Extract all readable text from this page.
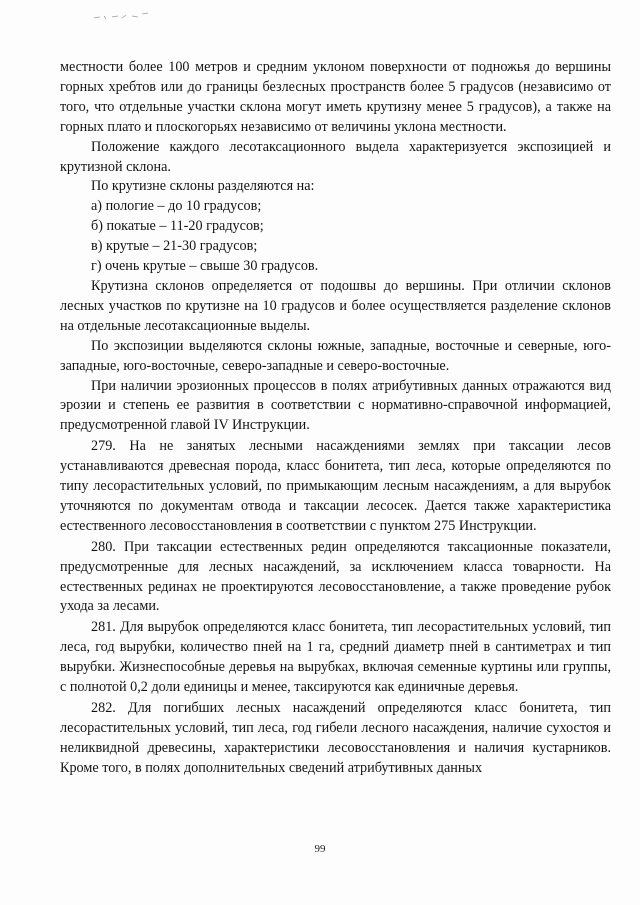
местности более 100 метров и средним уклоном поверхности от подножья до вершины горных хребтов или до границы безлесных пространств более 5 градусов (независимо от того, что отдельные участки склона могут иметь крутизну менее 5 градусов), а также на горных плато и плоскогорьях независимо от величины уклона местности.

Положение каждого лесотаксационного выдела характеризуется экспозицией и крутизной склона.

По крутизне склоны разделяются на:

а) пологие – до 10 градусов;

б) покатые – 11-20 градусов;

в) крутые – 21-30 градусов;

г) очень крутые – свыше 30 градусов.

Крутизна склонов определяется от подошвы до вершины. При отличии склонов лесных участков по крутизне на 10 градусов и более осуществляется разделение склонов на отдельные лесотаксационные выделы.

По экспозиции выделяются склоны южные, западные, восточные и северные, юго-западные, юго-восточные, северо-западные и северо-восточные.

При наличии эрозионных процессов в полях атрибутивных данных отражаются вид эрозии и степень ее развития в соответствии с нормативно-справочной информацией, предусмотренной главой IV Инструкции.

279. На не занятых лесными насаждениями землях при таксации лесов устанавливаются древесная порода, класс бонитета, тип леса, которые определяются по типу лесорастительных условий, по примыкающим лесным насаждениям, а для вырубок уточняются по документам отвода и таксации лесосек. Дается также характеристика естественного лесовосстановления в соответствии с пунктом 275 Инструкции.

280. При таксации естественных редин определяются таксационные показатели, предусмотренные для лесных насаждений, за исключением класса товарности. На естественных рединах не проектируются лесовосстановление, а также проведение рубок ухода за лесами.

281. Для вырубок определяются класс бонитета, тип лесорастительных условий, тип леса, год вырубки, количество пней на 1 га, средний диаметр пней в сантиметрах и тип вырубки. Жизнеспособные деревья на вырубках, включая семенные куртины или группы, с полнотой 0,2 доли единицы и менее, таксируются как единичные деревья.

282. Для погибших лесных насаждений определяются класс бонитета, тип лесорастительных условий, тип леса, год гибели лесного насаждения, наличие сухостоя и неликвидной древесины, характеристики лесовосстановления и наличия кустарников. Кроме того, в полях дополнительных сведений атрибутивных данных

99
